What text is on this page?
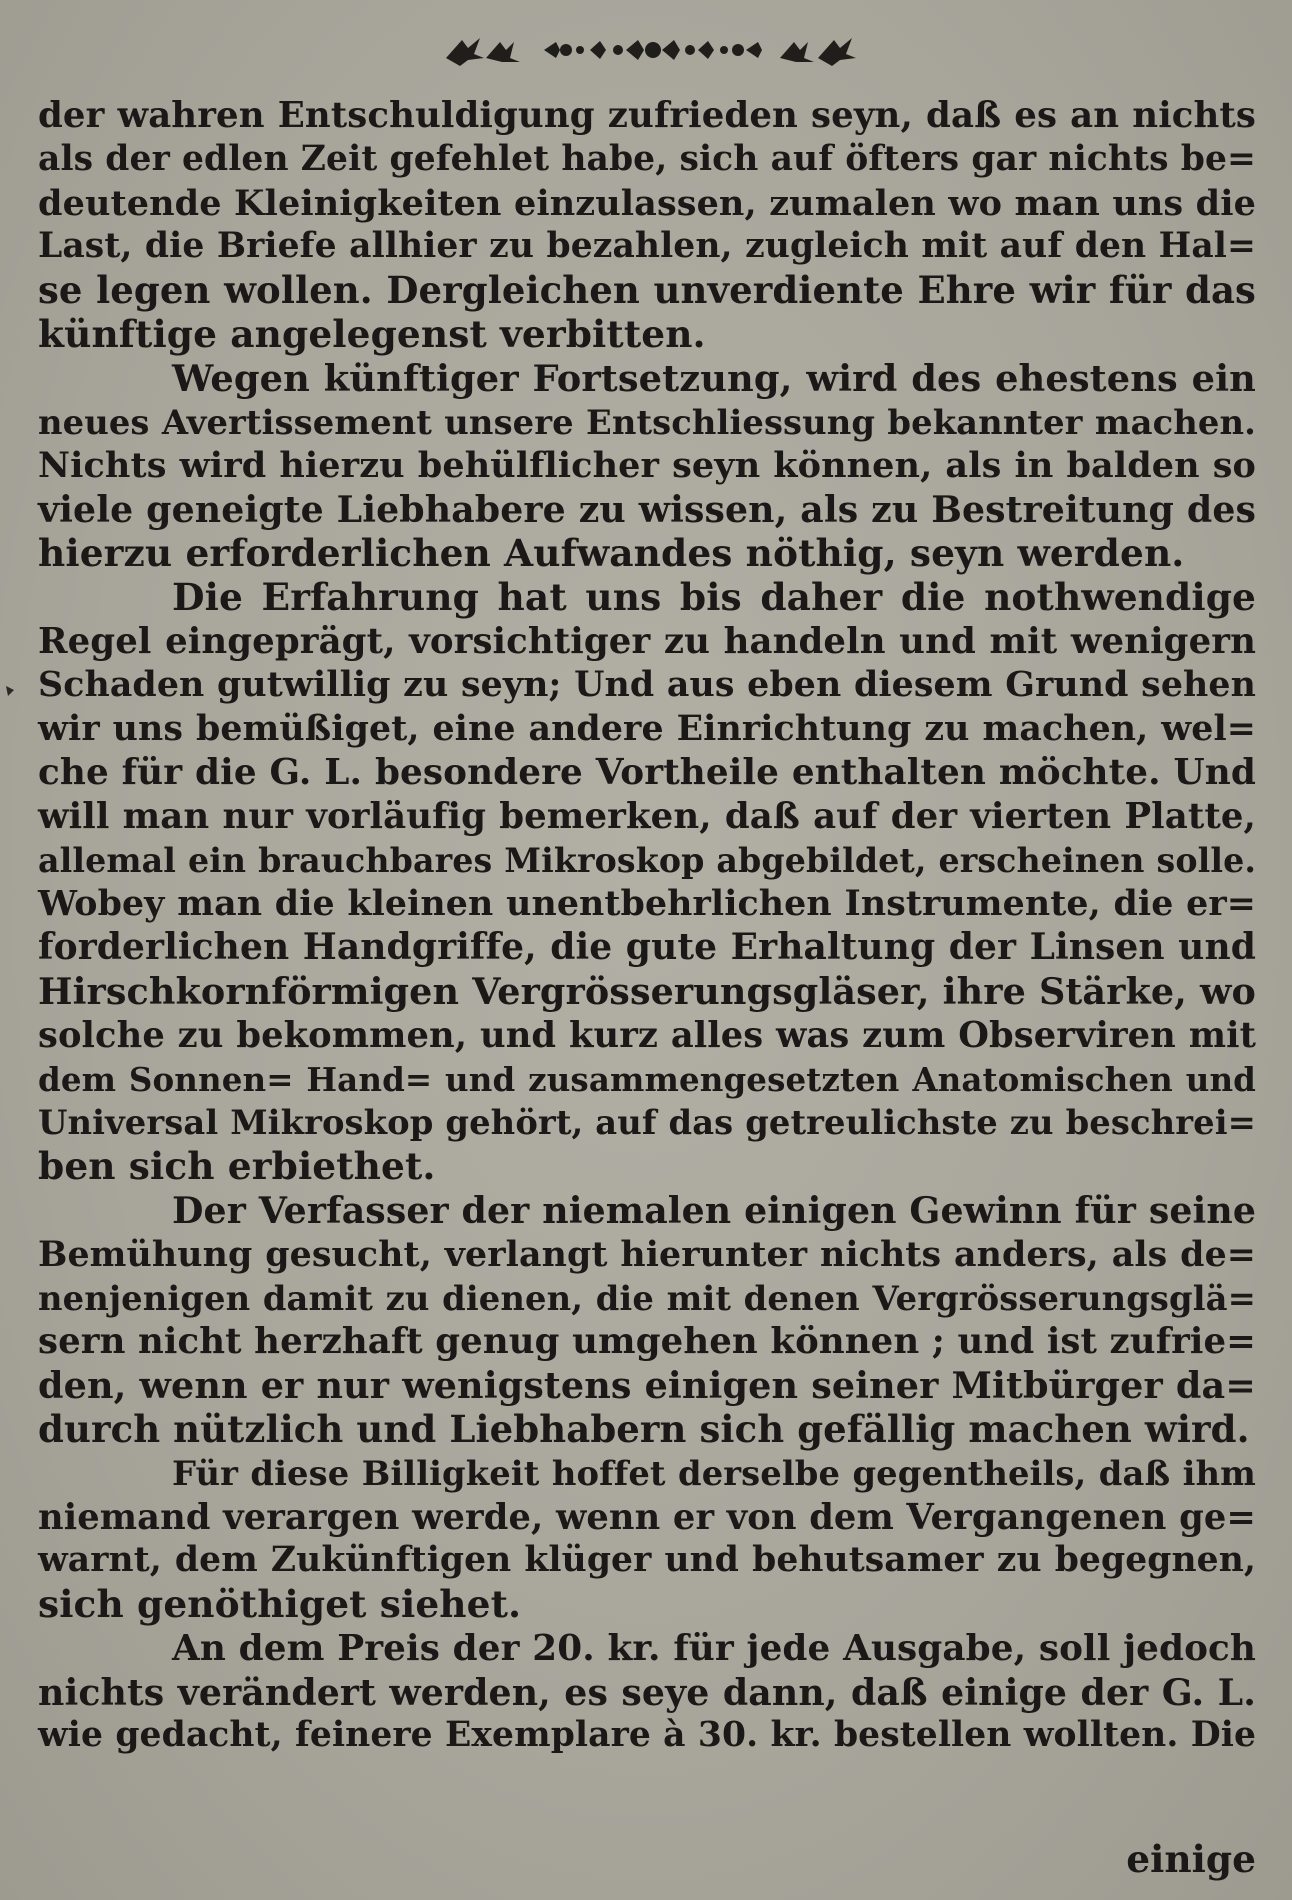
der wahren Entschuldigung zufrieden seyn, daß es an nichts
als der edlen Zeit gefehlet habe, sich auf öfters gar nichts be=
deutende Kleinigkeiten einzulassen, zumalen wo man uns die
Last, die Briefe allhier zu bezahlen, zugleich mit auf den Hal=
se legen wollen. Dergleichen unverdiente Ehre wir für das
künftige angelegenst verbitten.
Wegen künftiger Fortsetzung, wird des ehestens ein
neues Avertissement unsere Entschliessung bekannter machen.
Nichts wird hierzu behülflicher seyn können, als in balden so
viele geneigte Liebhabere zu wissen, als zu Bestreitung des
hierzu erforderlichen Aufwandes nöthig, seyn werden.
Die Erfahrung hat uns bis daher die nothwendige
Regel eingeprägt, vorsichtiger zu handeln und mit wenigern
Schaden gutwillig zu seyn; Und aus eben diesem Grund sehen
wir uns bemüßiget, eine andere Einrichtung zu machen, wel=
che für die G. L. besondere Vortheile enthalten möchte. Und
will man nur vorläufig bemerken, daß auf der vierten Platte,
allemal ein brauchbares Mikroskop abgebildet, erscheinen solle.
Wobey man die kleinen unentbehrlichen Instrumente, die er=
forderlichen Handgriffe, die gute Erhaltung der Linsen und
Hirschkornförmigen Vergrösserungsgläser, ihre Stärke, wo
solche zu bekommen, und kurz alles was zum Observiren mit
dem Sonnen= Hand= und zusammengesetzten Anatomischen und
Universal Mikroskop gehört, auf das getreulichste zu beschrei=
ben sich erbiethet.
Der Verfasser der niemalen einigen Gewinn für seine
Bemühung gesucht, verlangt hierunter nichts anders, als de=
nenjenigen damit zu dienen, die mit denen Vergrösserungsglä=
sern nicht herzhaft genug umgehen können ; und ist zufrie=
den, wenn er nur wenigstens einigen seiner Mitbürger da=
durch nützlich und Liebhabern sich gefällig machen wird.
Für diese Billigkeit hoffet derselbe gegentheils, daß ihm
niemand verargen werde, wenn er von dem Vergangenen ge=
warnt, dem Zukünftigen klüger und behutsamer zu begegnen,
sich genöthiget siehet.
An dem Preis der 20. kr. für jede Ausgabe, soll jedoch
nichts verändert werden, es seye dann, daß einige der G. L.
wie gedacht, feinere Exemplare à 30. kr. bestellen wollten. Die
einige
